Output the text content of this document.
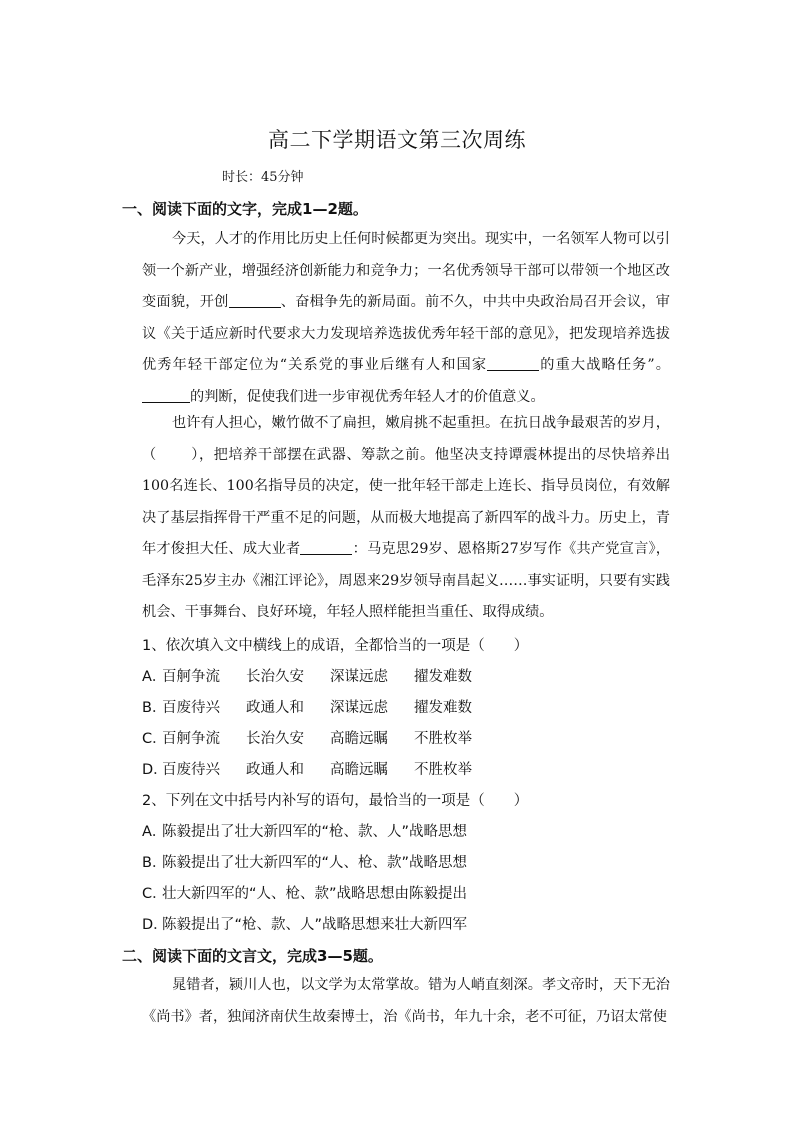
高二下学期语文第三次周练
时长：45分钟
一、阅读下面的文字，完成1—2题。

今天，人才的作用比历史上任何时候都更为突出。现实中，一名领军人物可以引领一个新产业，增强经济创新能力和竞争力；一名优秀领导干部可以带领一个地区改变面貌，开创	、奋楫争先的新局面。前不久，中共中央政治局召开会议，审议《关于适应新时代要求大力发现培养选拔优秀年轻干部的意见》，把发现培养选拔优秀年轻干部定位为“关系党的事业后继有人和国家	的重大战略任务”。的判断，促使我们进一步审视优秀年轻人才的价值意义。

也许有人担心，嫩竹做不了扁担，嫩肩挑不起重担。在抗日战争最艰苦的岁月，（ ），把培养干部摆在武器、筹款之前。他坚决支持谭震林提出的尽快培养出100名连长、100名指导员的决定，使一批年轻干部走上连长、指导员岗位，有效解决了基层指挥骨干严重不足的问题，从而极大地提高了新四军的战斗力。历史上，青年才俊担大任、成大业者	：马克思29岁、恩格斯27岁写作《共产党宣言》，毛泽东25岁主办《湘江评论》，周恩来29岁领导南昌起义……事实证明，只要有实践机会、干事舞台、良好环境，年轻人照样能担当重任、取得成绩。

1、依次填入文中横线上的成语，全都恰当的一项是（　　）
A．百舸争流 长治久安 深谋远虑 擢发难数
B．百废待兴 政通人和 深谋远虑 擢发难数
C．百舸争流 长治久安 高瞻远瞩 不胜枚举
D．百废待兴 政通人和 高瞻远瞩 不胜枚举
2、下列在文中括号内补写的语句，最恰当的一项是（　　）
A．陈毅提出了壮大新四军的“枪、款、人”战略思想
B．陈毅提出了壮大新四军的“人、枪、款”战略思想
C．壮大新四军的“人、枪、款”战略思想由陈毅提出
D．陈毅提出了“枪、款、人”战略思想来壮大新四军
二、阅读下面的文言文，完成3—5题。

晁错者，颍川人也，以文学为太常掌故。错为人峭直刻深。孝文帝时，天下无治《尚书》者，独闻济南伏生故秦博士，治《尚书，年九十余，老不可征，乃诏太常使
